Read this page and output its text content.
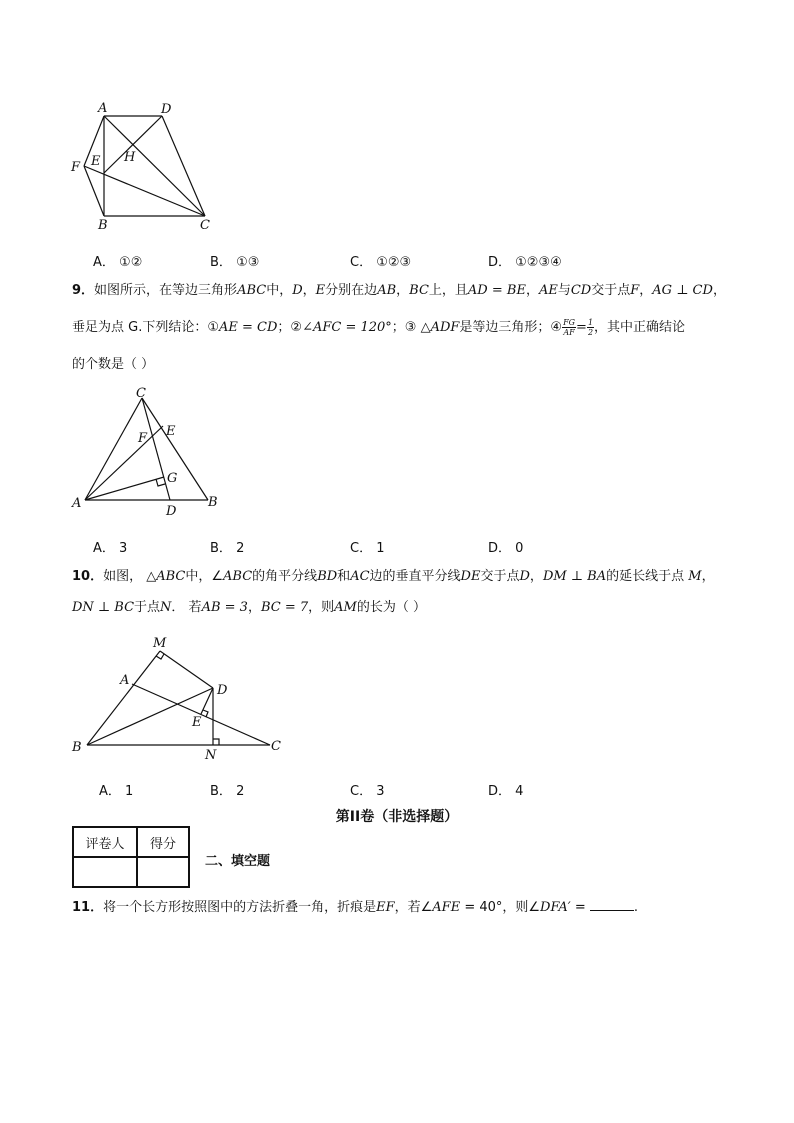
A	D
F E H
B	C
A． ①②	B． ①③	C． ①②③	D． ①②③④
9．如图所示，在等边三角形ABC中，D，E分别在边AB，BC上，且AD = BE，AE与CD交于点F，AG ⊥ CD，
垂足为点 G.下列结论：①AE = CD；②∠AFC = 120°；③ △ADF是等边三角形；④ $\frac{FG}{AF} = \frac{1}{2}$ ，其中正确结论
的个数是（ ）
C
F E
G
A
D
B
A． 3	B． 2	C． 1	D． 0
10．如图， △ABC中，∠ABC的角平分线BD和AC边的垂直平分线DE交于点D，DM ⊥ BA的延长线于点 M，
DN ⊥ BC于点N． 若AB = 3，BC = 7，则AM的长为（ ）
M
A
D
E
B
N
C
A． 1	B． 2	C． 3	D． 4
第II卷（非选择题）
评卷人	得分

二、填空题
11．将一个长方形按照图中的方法折叠一角，折痕是EF，若∠AFE = 40°，则∠DFA′ =	.
